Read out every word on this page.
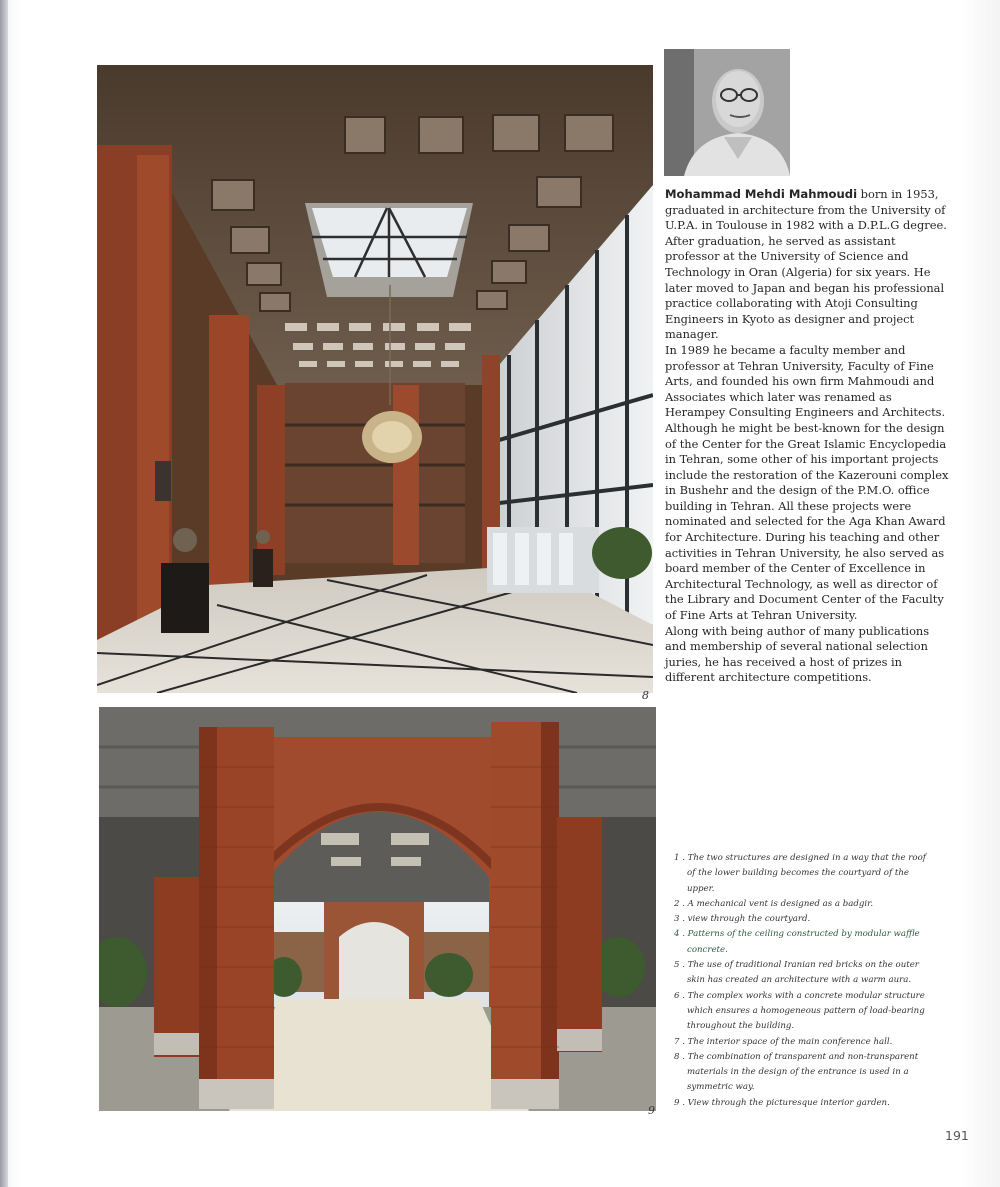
8
9

Mohammad Mehdi Mahmoudi born in 1953, graduated in architecture from the University of U.P.A. in Toulouse in 1982 with a D.P.L.G degree. After graduation, he served as assistant professor at the University of Science and Technology in Oran (Algeria) for six years. He later moved to Japan and began his professional practice collaborating with Atoji Consulting Engineers in Kyoto as designer and project manager.

In 1989 he became a faculty member and professor at Tehran University, Faculty of Fine Arts, and founded his own firm Mahmoudi and Associates which later was renamed as Herampey Consulting Engineers and Architects.

Although he might be best-known for the design of the Center for the Great Islamic Encyclopedia in Tehran, some other of his important projects include the restoration of the Kazerouni complex in Bushehr and the design of the P.M.O. office building in Tehran. All these projects were nominated and selected for the Aga Khan Award for Architecture. During his teaching and other activities in Tehran University, he also served as board member of the Center of Excellence in Architectural Technology, as well as director of the Library and Document Center of the Faculty of Fine Arts at Tehran University.

Along with being author of many publications and membership of several national selection juries, he has received a host of prizes in different architecture competitions.

1 . The two structures are designed in a way that the roof of the lower building becomes the courtyard of the upper.
2 . A mechanical vent is designed as a badgir.
3 . view through the courtyard.
4 . Patterns of the ceiling constructed by modular waffle concrete.
5 . The use of traditional Iranian red bricks on the outer skin has created an architecture with a warm aura.
6 . The complex works with a concrete modular structure which ensures a homogeneous pattern of load-bearing throughout the building.
7 . The interior space of the main conference hall.
8 . The combination of transparent and non-transparent materials in the design of the entrance is used in a symmetric way.
9 . View through the picturesque interior garden.
191
